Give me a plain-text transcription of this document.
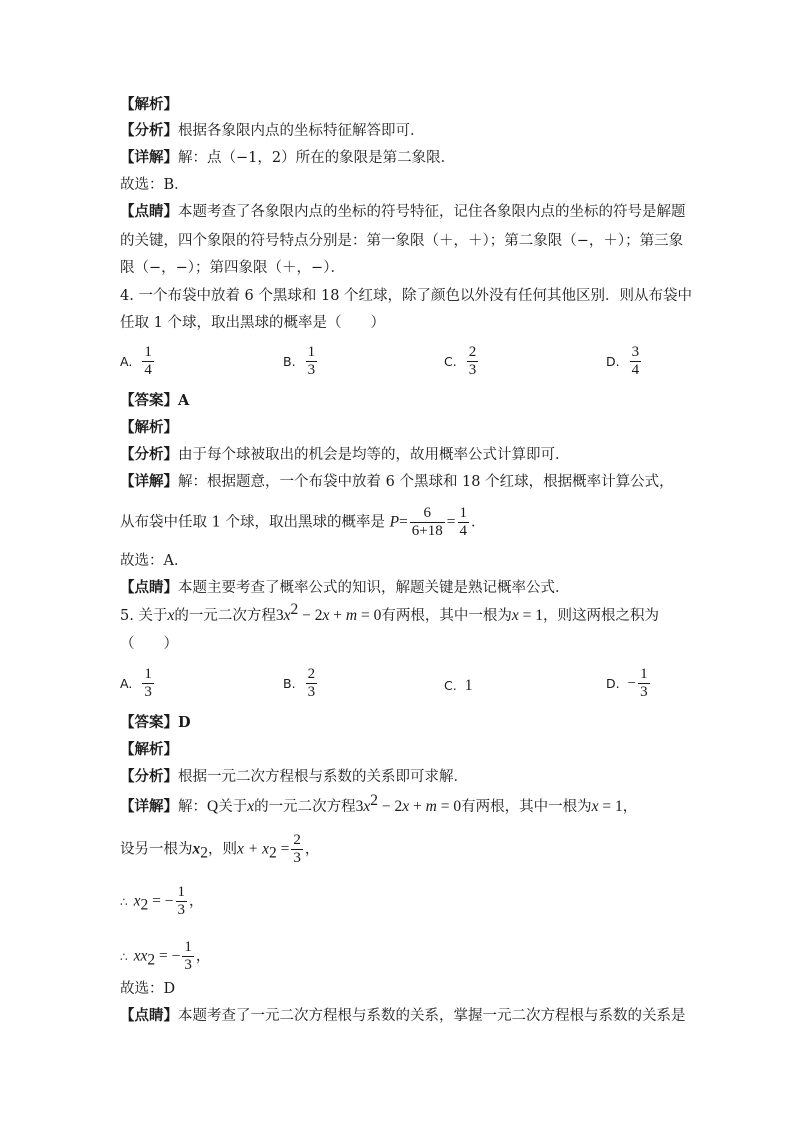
【解析】
【分析】根据各象限内点的坐标特征解答即可．
【详解】解：点（−1，2）所在的象限是第二象限．
故选：B．
【点睛】本题考查了各象限内点的坐标的符号特征，记住各象限内点的坐标的符号是解题
的关键，四个象限的符号特点分别是：第一象限（＋，＋）；第二象限（−，＋）；第三象
限（−，−）；第四象限（＋，−）．
4. 一个布袋中放着 6 个黑球和 18 个红球，除了颜色以外没有任何其他区别．则从布袋中
任取 1 个球，取出黑球的概率是（　　）
A. $\frac{1}{4}$	B. $\frac{1}{3}$	C. $\frac{2}{3}$	D. $\frac{3}{4}$
【答案】A
【解析】
【分析】由于每个球被取出的机会是均等的，故用概率公式计算即可．
【详解】解：根据题意，一个布袋中放着 6 个黑球和 18 个红球，根据概率计算公式，
从布袋中任取 1 个球，取出黑球的概率是 $P= \frac{6}{6+18} = \frac{1}{4}$ ．
故选：A．
【点睛】本题主要考查了概率公式的知识，解题关键是熟记概率公式．
5. 关于x的一元二次方程$3x^2 - 2x + m = 0$有两根，其中一根为x = 1，则这两根之积为
（　　）
A. $\frac{1}{3}$	B. $\frac{2}{3}$	C. 1	D. − $\frac{1}{3}$
【答案】D
【解析】
【分析】根据一元二次方程根与系数的关系即可求解．
【详解】解：Q关于x的一元二次方程$3x^2 - 2x + m = 0$有两根，其中一根为x = 1，
设另一根为$x_2$，则$x + x_2 = \frac{2}{3}$ ，
∴ $x_2$ = − $\frac{1}{3}$ ，
∴ $xx_2$ = − $\frac{1}{3}$ ，
故选：D
【点睛】本题考查了一元二次方程根与系数的关系，掌握一元二次方程根与系数的关系是
